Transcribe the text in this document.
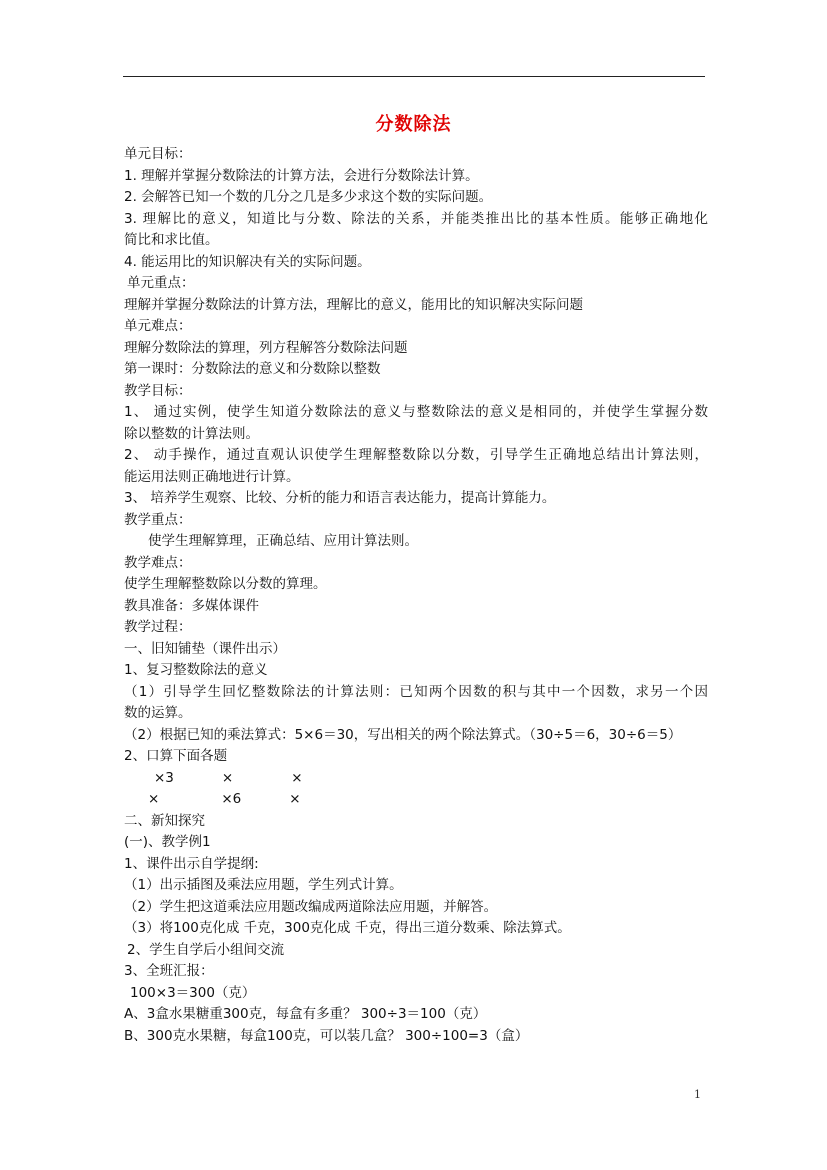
分数除法
单元目标：
1. 理解并掌握分数除法的计算方法，会进行分数除法计算。
2. 会解答已知一个数的几分之几是多少求这个数的实际问题。
3. 理解比的意义，知道比与分数、除法的关系，并能类推出比的基本性质。能够正确地化
简比和求比值。
4. 能运用比的知识解决有关的实际问题。
单元重点：
理解并掌握分数除法的计算方法，理解比的意义，能用比的知识解决实际问题
单元难点：
理解分数除法的算理，列方程解答分数除法问题
第一课时：分数除法的意义和分数除以整数
教学目标：
1、 通过实例，使学生知道分数除法的意义与整数除法的意义是相同的，并使学生掌握分数
除以整数的计算法则。
2、 动手操作，通过直观认识使学生理解整数除以分数，引导学生正确地总结出计算法则，
能运用法则正确地进行计算。
3、 培养学生观察、比较、分析的能力和语言表达能力，提高计算能力。
教学重点：
使学生理解算理，正确总结、应用计算法则。
教学难点：
使学生理解整数除以分数的算理。
教具准备：多媒体课件
教学过程：
一、旧知铺垫（课件出示）
1、复习整数除法的意义
（1）引导学生回忆整数除法的计算法则：已知两个因数的积与其中一个因数，求另一个因
数的运算。
（2）根据已知的乘法算式：5×6＝30，写出相关的两个除法算式。（30÷5＝6，30÷6＝5）
2、口算下面各题
×3	×	×
×	×6	×
二、新知探究
(一)、教学例1
1、课件出示自学提纲:
（1）出示插图及乘法应用题，学生列式计算。
（2）学生把这道乘法应用题改编成两道除法应用题，并解答。
（3）将100克化成 千克，300克化成 千克，得出三道分数乘、除法算式。
2、学生自学后小组间交流
3、全班汇报：
100×3＝300（克）
A、3盒水果糖重300克，每盒有多重？ 300÷3＝100（克）
B、300克水果糖，每盒100克，可以装几盒？ 300÷100=3（盒）
1
